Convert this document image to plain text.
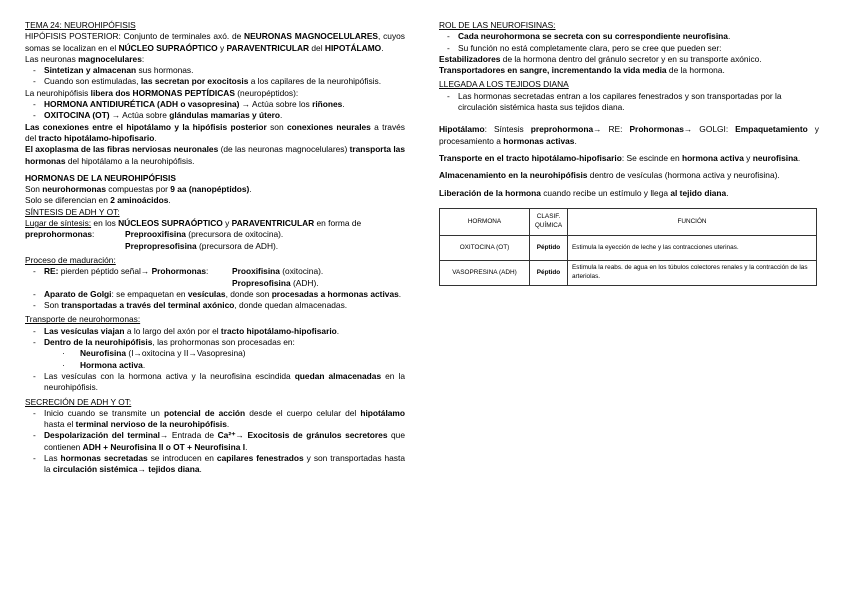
TEMA 24: NEUROHIPÓFISIS

HIPÓFISIS POSTERIOR: Conjunto de terminales axó. de NEURONAS MAGNOCELULARES, cuyos somas se localizan en el NÚCLEO SUPRAÓPTICO y PARAVENTRICULAR del HIPOTÁLAMO.

Las neuronas magnocelulares:

- Sintetizan y almacenan sus hormonas.
- Cuando son estimuladas, las secretan por exocitosis a los capilares de la neurohipófisis.

La neurohipófisis libera dos HORMONAS PEPTÍDICAS (neuropéptidos):

- HORMONA ANTIDIURÉTICA (ADH o vasopresina) → Actúa sobre los riñones.
- OXITOCINA (OT) → Actúa sobre glándulas mamarias y útero.

Las conexiones entre el hipotálamo y la hipófisis posterior son conexiones neurales a través del tracto hipotálamo-hipofisario.

El axoplasma de las fibras nerviosas neuronales (de las neuronas magnocelulares) transporta las hormonas del hipotálamo a la neurohipófisis.

HORMONAS DE LA NEUROHIPÓFISIS

Son neurohormonas compuestas por 9 aa (nanopéptidos).

Solo se diferencian en 2 aminoácidos.

SÍNTESIS DE ADH Y OT:

Lugar de síntesis: en los NÚCLEOS SUPRAÓPTICO y PARAVENTRICULAR en forma de

preprohormonas:	Preprooxifisina (precursora de oxitocina).

Prepropresofisina (precursora de ADH).

Proceso de maduración:

- RE: pierden péptido señal→ Prohormonas:	Prooxifisina (oxitocina).

Propresofisina (ADH).

- Aparato de Golgi: se empaquetan en vesículas, donde son procesadas a hormonas activas.
- Son transportadas a través del terminal axónico, donde quedan almacenadas.

Transporte de neurohormonas:

- Las vesículas viajan a lo largo del axón por el tracto hipotálamo-hipofisario.
- Dentro de la neurohipófisis, las prohormonas son procesadas en:
· Neurofisina (I→oxitocina y II→Vasopresina)
· Hormona activa.
- Las vesículas con la hormona activa y la neurofisina escindida quedan almacenadas en la neurohipófisis.

SECRECIÓN DE ADH Y OT:

- Inicio cuando se transmite un potencial de acción desde el cuerpo celular del hipotálamo hasta el terminal nervioso de la neurohipófisis.
- Despolarización del terminal→ Entrada de Ca²⁺→ Exocitosis de gránulos secretores que contienen ADH + Neurofisina II o OT + Neurofisina I.
- Las hormonas secretadas se introducen en capilares fenestrados y son transportadas hasta la circulación sistémica→ tejidos diana.

ROL DE LAS NEUROFISINAS:

- Cada neurohormona se secreta con su correspondiente neurofisina.
- Su función no está completamente clara, pero se cree que pueden ser:

Estabilizadores de la hormona dentro del gránulo secretor y en su transporte axónico.

Transportadores en sangre, incrementando la vida media de la hormona.

LLEGADA A LOS TEJIDOS DIANA

- Las hormonas secretadas entran a los capilares fenestrados y son transportadas por la circulación sistémica hasta sus tejidos diana.

Hipotálamo: Síntesis preprohormona→ RE: Prohormonas→ GOLGI: Empaquetamiento y procesamiento a hormonas activas.

Transporte en el tracto hipotálamo-hipofisario: Se escinde en hormona activa y neurofisina.

Almacenamiento en la neurohipófisis dentro de vesículas (hormona activa y neurofisina).

Liberación de la hormona cuando recibe un estímulo y llega al tejido diana.

HORMONA	CLASIF. QUÍMICA	FUNCIÓN
OXITOCINA (OT)	Péptido	Estimula la eyección de leche y las contracciones uterinas.
VASOPRESINA (ADH)	Péptido	Estimula la reabs. de agua en los túbulos colectores renales y la contracción de las arteriolas.
